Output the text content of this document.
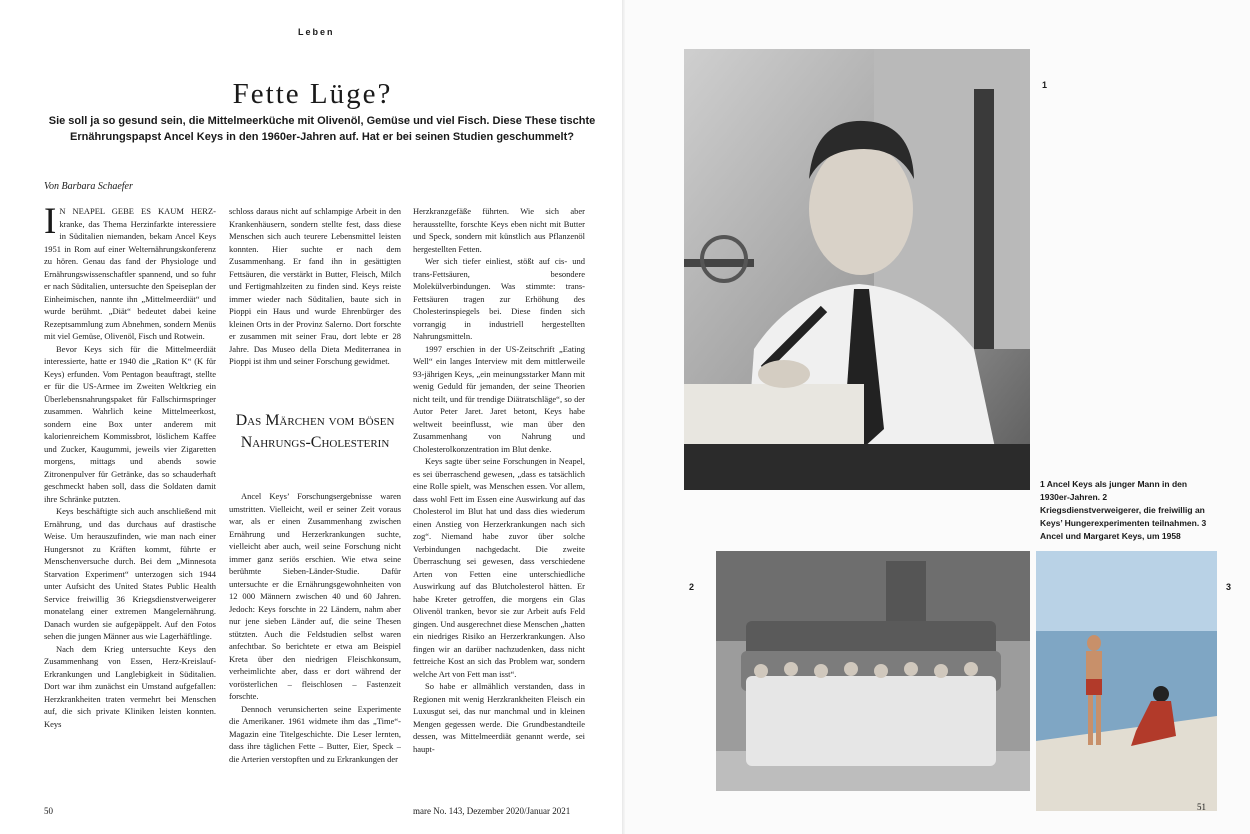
Leben
Fette Lüge?
Sie soll ja so gesund sein, die Mittelmeerküche mit Olivenöl, Gemüse und viel Fisch. Diese These tischte Ernährungspapst Ancel Keys in den 1960er-Jahren auf. Hat er bei seinen Studien geschummelt?
Von Barbara Schaefer

I N NEAPEL GEBE ES KAUM HERZ-kranke, das Thema Herzinfarkte interessiere in Süditalien niemanden, bekam Ancel Keys 1951 in Rom auf einer Welternährungskonferenz zu hören. Genau das fand der Physiologe und Ernährungswissenschaftler spannend, und so fuhr er nach Süditalien, untersuchte den Speiseplan der Einheimischen, nannte ihn „Mittelmeerdiät“ und wurde berühmt. „Diät“ bedeutet dabei keine Rezeptsammlung zum Abnehmen, sondern Menüs mit viel Gemüse, Olivenöl, Fisch und Rotwein.

Bevor Keys sich für die Mittelmeerdiät interessierte, hatte er 1940 die „Ration K“ (K für Keys) erfunden. Vom Pentagon beauftragt, stellte er für die US-Armee im Zweiten Weltkrieg ein Überlebensnahrungspaket für Fallschirmspringer zusammen. Wahrlich keine Mittelmeerkost, sondern eine Box unter anderem mit kalorienreichem Kommissbrot, löslichem Kaffee und Zucker, Kaugummi, jeweils vier Zigaretten morgens, mittags und abends sowie Zitronenpulver für Getränke, das so schauderhaft geschmeckt haben soll, dass die Soldaten damit ihre Schränke putzten.

Keys beschäftigte sich auch anschließend mit Ernährung, und das durchaus auf drastische Weise. Um herauszufinden, wie man nach einer Hungersnot zu Kräften kommt, führte er Menschenversuche durch. Bei dem „Minnesota Starvation Experiment“ unterzogen sich 1944 unter Aufsicht des United States Public Health Service freiwillig 36 Kriegsdienstverweigerer monatelang einer extremen Mangelernährung. Danach wurden sie aufgepäppelt. Auf den Fotos sehen die jungen Männer aus wie Lagerhäftlinge.

Nach dem Krieg untersuchte Keys den Zusammenhang von Essen, Herz-Kreislauf-Erkrankungen und Langlebigkeit in Süditalien. Dort war ihm zunächst ein Umstand aufgefallen: Herzkrankheiten traten vermehrt bei Menschen auf, die sich private Kliniken leisten konnten. Keys

schloss daraus nicht auf schlampige Arbeit in den Krankenhäusern, sondern stellte fest, dass diese Menschen sich auch teurere Lebensmittel leisten konnten. Hier suchte er nach dem Zusammenhang. Er fand ihn in gesättigten Fettsäuren, die verstärkt in Butter, Fleisch, Milch und Fertigmahlzeiten zu finden sind. Keys reiste immer wieder nach Süditalien, baute sich in Pioppi ein Haus und wurde Ehrenbürger des kleinen Orts in der Provinz Salerno. Dort forschte er zusammen mit seiner Frau, dort lebte er 28 Jahre. Das Museo della Dieta Mediterranea in Pioppi ist ihm und seiner Forschung gewidmet.

Das Märchen vom bösen Nahrungs-Cholesterin

Ancel Keys’ Forschungsergebnisse waren umstritten. Vielleicht, weil er seiner Zeit voraus war, als er einen Zusammenhang zwischen Ernährung und Herzerkrankungen suchte, vielleicht aber auch, weil seine Forschung nicht immer ganz seriös erschien. Wie etwa seine berühmte Sieben-Länder-Studie. Dafür untersuchte er die Ernährungsgewohnheiten von 12 000 Männern zwischen 40 und 60 Jahren. Jedoch: Keys forschte in 22 Ländern, nahm aber nur jene sieben Länder auf, die seine Thesen stützten. Auch die Feldstudien selbst waren anfechtbar. So berichtete er etwa am Beispiel Kreta über den niedrigen Fleischkonsum, verheimlichte aber, dass er dort während der vorösterlichen – fleischlosen – Fastenzeit forschte.

Dennoch verunsicherten seine Experimente die Amerikaner. 1961 widmete ihm das „Time“-Magazin eine Titelgeschichte. Die Leser lernten, dass ihre täglichen Fette – Butter, Eier, Speck – die Arterien verstopften und zu Erkrankungen der

Herzkranzgefäße führten. Wie sich aber herausstellte, forschte Keys eben nicht mit Butter und Speck, sondern mit künstlich aus Pflanzenöl hergestellten Fetten.

Wer sich tiefer einliest, stößt auf cis- und trans-Fettsäuren, besondere Molekülverbindungen. Was stimmte: trans-Fettsäuren tragen zur Erhöhung des Cholesterinspiegels bei. Diese finden sich vorrangig in industriell hergestellten Nahrungsmitteln.

1997 erschien in der US-Zeitschrift „Eating Well“ ein langes Interview mit dem mittlerweile 93-jährigen Keys, „ein meinungsstarker Mann mit wenig Geduld für jemanden, der seine Theorien nicht teilt, und für trendige Diätratschläge“, so der Autor Peter Jaret. Jaret betont, Keys habe weltweit beeinflusst, wie man über den Zusammenhang von Nahrung und Cholesterolkonzentration im Blut denke.

Keys sagte über seine Forschungen in Neapel, es sei überraschend gewesen, „dass es tatsächlich eine Rolle spielt, was Menschen essen. Vor allem, dass wohl Fett im Essen eine Auswirkung auf das Cholesterol im Blut hat und dass dies wiederum einen Anstieg von Herzerkrankungen nach sich zog“. Niemand habe zuvor über solche Verbindungen nachgedacht. Die zweite Überraschung sei gewesen, dass verschiedene Arten von Fetten eine unterschiedliche Auswirkung auf das Blutcholesterol hätten. Er habe Kreter getroffen, die morgens ein Glas Olivenöl tranken, bevor sie zur Arbeit aufs Feld gingen. Und ausgerechnet diese Menschen „hatten ein niedriges Risiko an Herzerkrankungen. Also fingen wir an darüber nachzudenken, dass nicht fettreiche Kost an sich das Problem war, sondern welche Art von Fett man isst“.

So habe er allmählich verstanden, dass in Regionen mit wenig Herzkrankheiten Fleisch ein Luxusgut sei, das nur manchmal und in kleinen Mengen gegessen werde. Die Grundbestandteile dessen, was Mittelmeerdiät genannt werde, sei haupt-

50	mare No. 143, Dezember 2020/Januar 2021
1
1 Ancel Keys als junger Mann in den 1930er-Jahren. 2 Kriegsdienstverweigerer, die freiwillig an Keys’ Hungerexperimenten teilnahmen. 3 Ancel und Margaret Keys, um 1958
2	3
51
